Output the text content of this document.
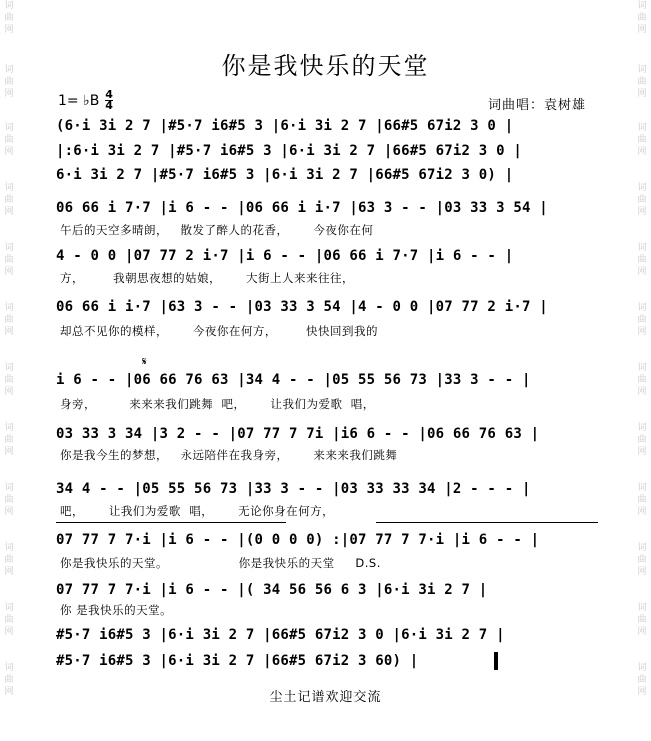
词
曲
网
词
曲
网
词
曲
网
词
曲
网
词
曲
网
词
曲
网
词
曲
网
词
曲
网
词
曲
网
词
曲
网
词
曲
网
词
曲
网
词
曲
网
词
曲
网
词
曲
网
词
曲
网
词
曲
网
词
曲
网
词
曲
网
词
曲
网
词
曲
网
词
曲
网
词
曲
网
词
曲
网
你是我快乐的天堂
1= ♭B 4
4	词曲唱：袁树雄
(6·i 3i 2 7 |#5·7 i6#5 3 |6·i 3i 2 7 |66#5 67i2 3 0 |
|:6·i 3i 2 7 |#5·7 i6#5 3 |6·i 3i 2 7 |66#5 67i2 3 0 |
6·i 3i 2 7 |#5·7 i6#5 3 |6·i 3i 2 7 |66#5 67i2 3 0) |
06 66 i 7·7 |i 6 - - |06 66 i i·7 |63 3 - - |03 33 3 54 |
午后的天空多晴朗，   散发了醉人的花香，      今夜你在何
4 - 0 0 |07 77 2 i·7 |i 6 - - |06 66 i 7·7 |i 6 - - |
方，       我朝思夜想的姑娘，      大街上人来来往往，
06 66 i i·7 |63 3 - - |03 33 3 54 |4 - 0 0 |07 77 2 i·7 |
却总不见你的模样，      今夜你在何方，       快快回到我的
𝄋
i 6 - - |06 66 76 63 |34 4 - - |05 55 56 73 |33 3 - - |
身旁，        来来来我们跳舞  吧，      让我们为爱歌  唱，
03 33 3 34 |3 2 - - |07 77 7 7i |i6 6 - - |06 66 76 63 |
你是我今生的梦想，   永远陪伴在我身旁，      来来来我们跳舞
34 4 - - |05 55 56 73 |33 3 - - |03 33 33 34 |2 - - - |
吧，      让我们为爱歌  唱，      无论你身在何方，
07 77 7 7·i |i 6 - - |(0 0 0 0) :|07 77 7 7·i |i 6 - - |
你是我快乐的天堂。                 你是我快乐的天堂     D.S.
07 77 7 7·i |i 6 - - |( 34 56 56 6 3 |6·i 3i 2 7 |
你 是我快乐的天堂。
#5·7 i6#5 3 |6·i 3i 2 7 |66#5 67i2 3 0 |6·i 3i 2 7 |
#5·7 i6#5 3 |6·i 3i 2 7 |66#5 67i2 3 60) |
尘土记谱欢迎交流
